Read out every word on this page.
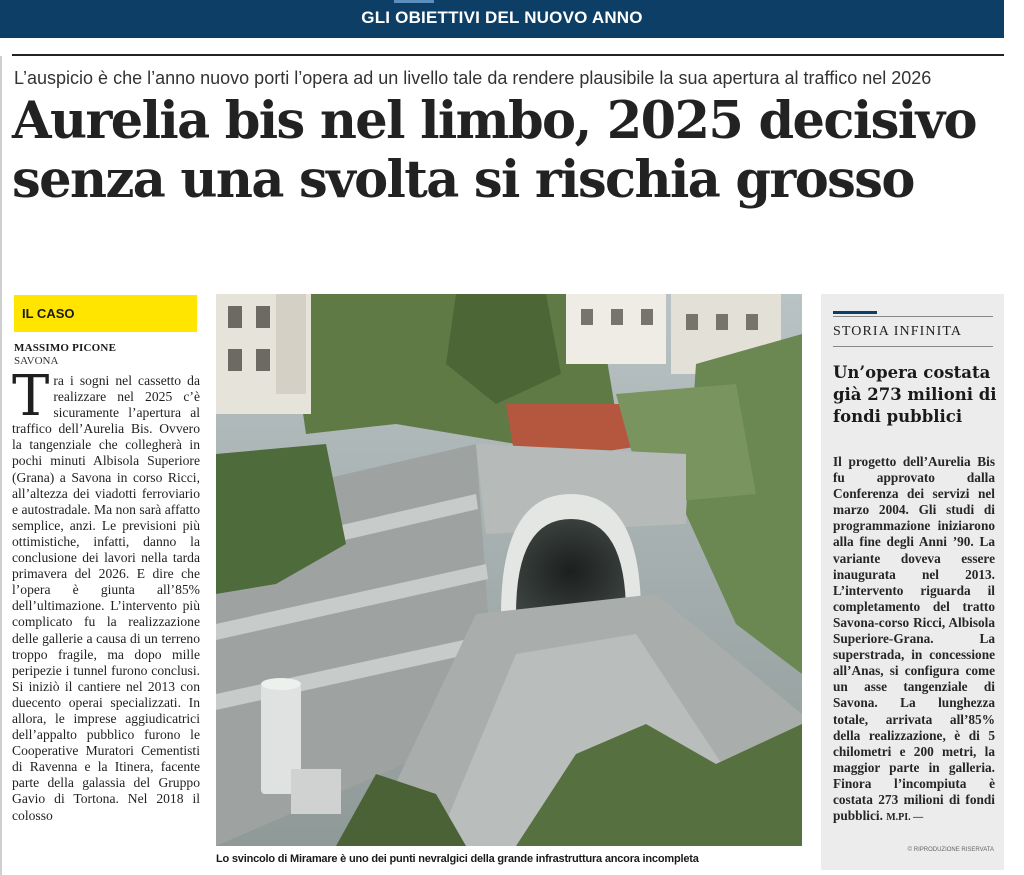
GLI OBIETTIVI DEL NUOVO ANNO
L’auspicio è che l’anno nuovo porti l’opera ad un livello tale da rendere plausibile la sua apertura al traffico nel 2026
Aurelia bis nel limbo, 2025 decisivo
senza una svolta si rischia grosso
IL CASO
MASSIMO PICONE
SAVONA
Tra i sogni nel cassetto da realizzare nel 2025 c’è sicuramente l’apertura al traffico dell’Aurelia Bis. Ovvero la tangenziale che collegherà in pochi minuti Albisola Superiore (Grana) a Savona in corso Ricci, all’altezza dei viadotti ferroviario e autostradale. Ma non sarà affatto semplice, anzi. Le previsioni più ottimistiche, infatti, danno la conclusione dei lavori nella tarda primavera del 2026. E dire che l’opera è giunta all’85% dell’ultimazione. L’intervento più complicato fu la realizzazione delle gallerie a causa di un terreno troppo fragile, ma dopo mille peripezie i tunnel furono conclusi. Si iniziò il cantiere nel 2013 con duecento operai specializzati. In allora, le imprese aggiudicatrici dell’appalto pubblico furono le Cooperative Muratori Cementisti di Ravenna e la Itinera, facente parte della galassia del Gruppo Gavio di Tortona. Nel 2018 il colosso
Lo svincolo di Miramare è uno dei punti nevralgici della grande infrastruttura ancora incompleta
STORIA INFINITA
Un’opera costata già 273 milioni di fondi pubblici
Il progetto dell’Aurelia Bis fu approvato dalla Conferenza dei servizi nel marzo 2004. Gli studi di programmazione iniziarono alla fine degli Anni ’90. La variante doveva essere inaugurata nel 2013. L’intervento riguarda il completamento del tratto Savona-corso Ricci, Albisola Superiore-Grana. La superstrada, in concessione all’Anas, si configura come un asse tangenziale di Savona. La lunghezza totale, arrivata all’85% della realizzazione, è di 5 chilometri e 200 metri, la maggior parte in galleria. Finora l’incompiuta è costata 273 milioni di fondi pubblici. M.PI. —
© RIPRODUZIONE RISERVATA
